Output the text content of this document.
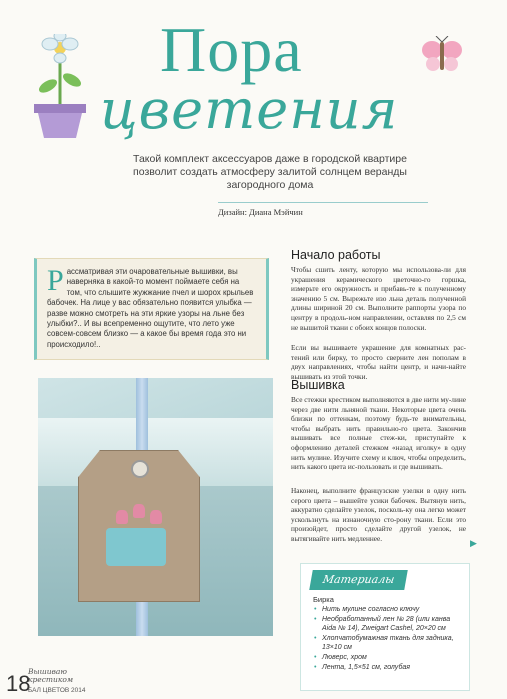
Пора
цветения
Такой комплект аксессуаров даже в городской квартире позволит создать атмосферу залитой солнцем веранды загородного дома
Дизайн: Диана Мэйчин
Рассматривая эти очаровательные вышивки, вы наверняка в какой-то момент поймаете себя на том, что слышите жужжание пчел и шорох крыльев бабочек. На лице у вас обязательно появится улыбка — разве можно смотреть на эти яркие узоры на льне без улыбки?.. И вы всепременно ощутите, что лето уже совсем-совсем близко — а какое бы время года это ни происходило!..
Начало работы
Чтобы сшить ленту, которую мы использова-ли для украшения керамического цветочно-го горшка, измерьте его окружность и прибавь-те к полученному значению 5 см. Вырежьте изо льна деталь полученной длины шириной 20 см. Выполните раппорты узора по центру в продоль-ном направлении, оставляя по 2,5 см не вышитой ткани с обоих концов полоски.
Если вы вышиваете украшение для комнатных рас-тений или бирку, то просто сверните лен пополам в двух направлениях, чтобы найти центр, и начи-найте вышивать из этой точки.
Вышивка
Все стежки крестиком выполняются в две нити му-лине через две нити льняной ткани. Некоторые цвета очень близки по оттенкам, поэтому будь-те внимательны, чтобы выбрать нить правильно-го цвета. Закончив вышивать все полные стеж-ки, приступайте к оформлению деталей стежком «назад иголку» в одну нить мулине. Изучите схему и ключ, чтобы определить, нить какого цвета ис-пользовать и где вышивать.
Наконец, выполните французские узелки в одну нить серого цвета – вышейте усики бабочек. Вытянув нить, аккуратно сделайте узелок, посколь-ку она легко может ускользнуть на изнаночную сто-рону ткани. Если это произойдет, просто сделайте другой узелок, не вытягивайте нить медленнее.
▶
Материалы
Бирка
• Нить мулине согласно ключу
• Необработанный лен № 28 (или канва Aida № 14), Zweigart Cashel, 20×20 см
• Хлопчатобумажная ткань для задника, 13×10 см
• Люверс, хром
• Лента, 1,5×51 см, голубая
18
Вышиваю крестиком
БАЛ ЦВЕТОВ 2014
